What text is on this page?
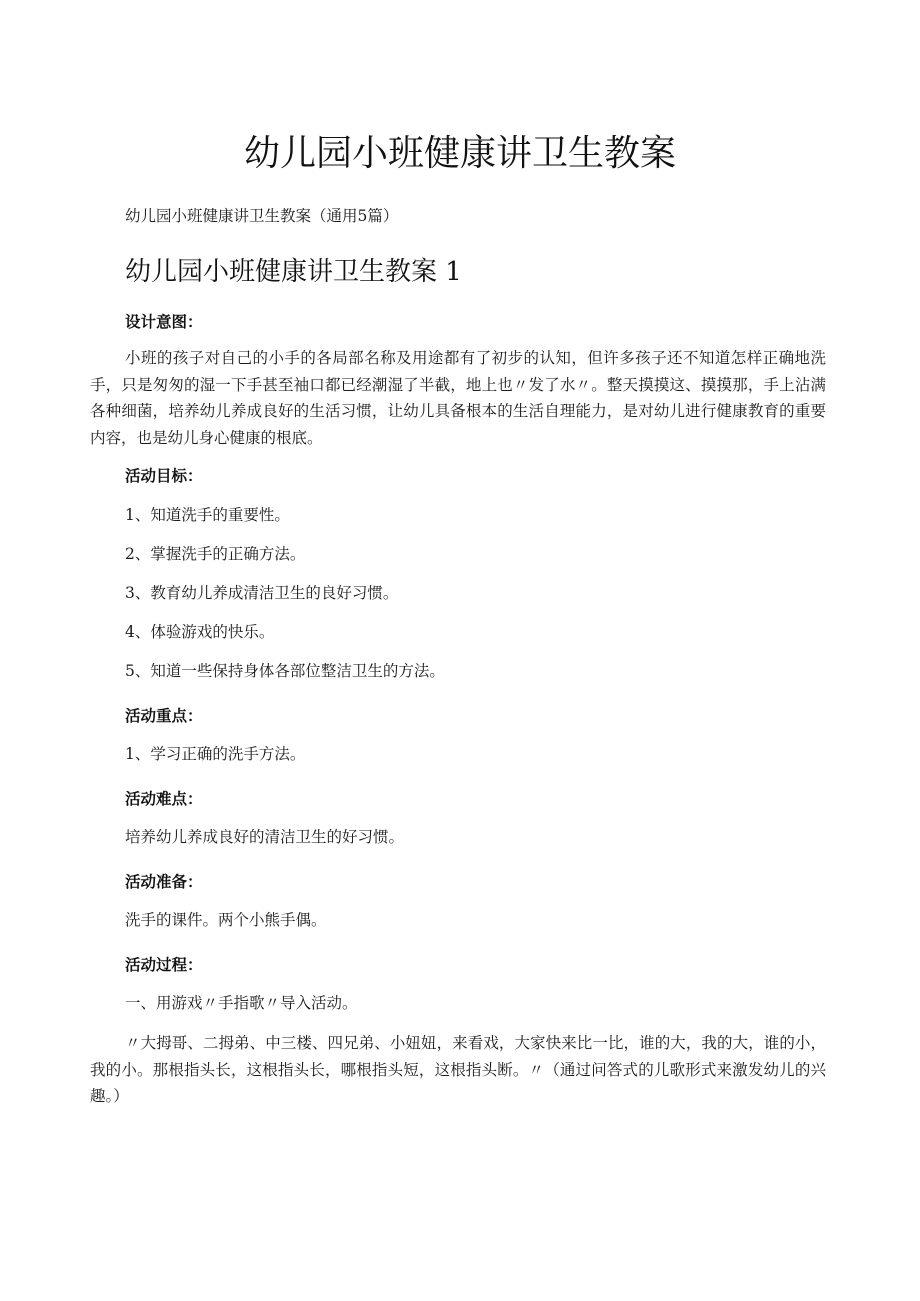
幼儿园小班健康讲卫生教案

幼儿园小班健康讲卫生教案（通用5篇）

幼儿园小班健康讲卫生教案 1

设计意图：

小班的孩子对自己的小手的各局部名称及用途都有了初步的认知，但许多孩子还不知道怎样正确地洗手，只是匆匆的湿一下手甚至袖口都已经潮湿了半截，地上也〃发了水〃。整天摸摸这、摸摸那，手上沾满各种细菌，培养幼儿养成良好的生活习惯，让幼儿具备根本的生活自理能力，是对幼儿进行健康教育的重要内容，也是幼儿身心健康的根底。

活动目标：

1、知道洗手的重要性。

2、掌握洗手的正确方法。

3、教育幼儿养成清洁卫生的良好习惯。

4、体验游戏的快乐。

5、知道一些保持身体各部位整洁卫生的方法。

活动重点：

1、学习正确的洗手方法。

活动难点：

培养幼儿养成良好的清洁卫生的好习惯。

活动准备：

洗手的课件。两个小熊手偶。

活动过程：

一、用游戏〃手指歌〃导入活动。

〃大拇哥、二拇弟、中三楼、四兄弟、小妞妞，来看戏，大家快来比一比，谁的大，我的大，谁的小，我的小。那根指头长，这根指头长，哪根指头短，这根指头断。〃（通过问答式的儿歌形式来激发幼儿的兴趣。）
